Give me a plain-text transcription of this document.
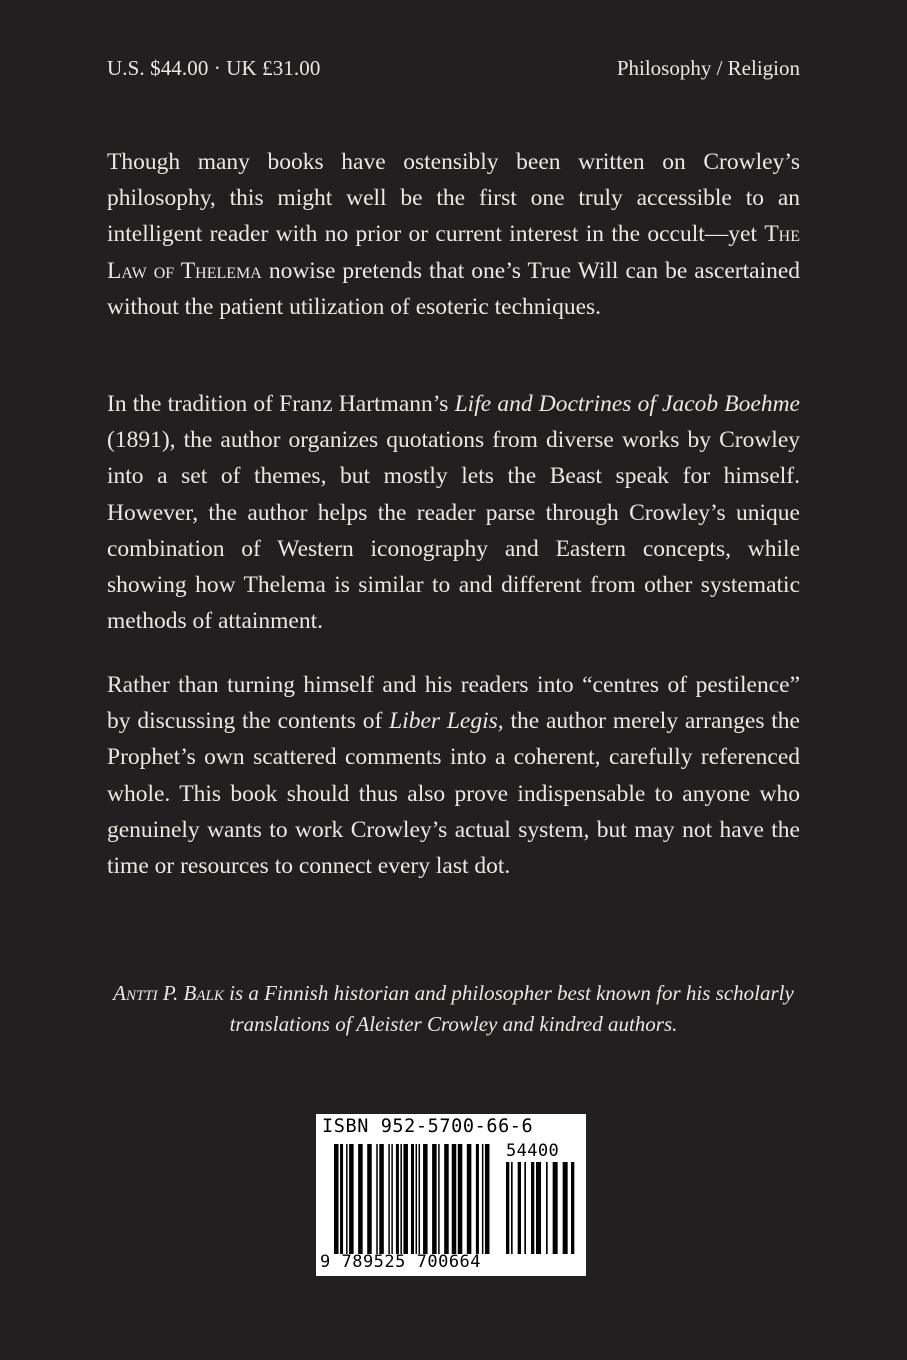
U.S. $44.00 · UK £31.00	Philosophy / Religion

Though many books have ostensibly been written on Crowley’s philosophy, this might well be the first one truly accessible to an intelligent reader with no prior or current interest in the occult—yet The Law of Thelema nowise pretends that one’s True Will can be ascertained without the patient utilization of esoteric techniques.

In the tradition of Franz Hartmann’s Life and Doctrines of Jacob Boehme (1891), the author organizes quotations from diverse works by Crowley into a set of themes, but mostly lets the Beast speak for himself. However, the author helps the reader parse through Crowley’s unique combination of Western iconography and Eastern concepts, while showing how Thelema is similar to and different from other systematic methods of attainment.

Rather than turning himself and his readers into “centres of pestilence” by discussing the contents of Liber Legis, the author merely arranges the Prophet’s own scattered comments into a coherent, carefully referenced whole. This book should thus also prove indispensable to anyone who genuinely wants to work Crowley’s actual system, but may not have the time or resources to connect every last dot.

Antti P. Balk is a Finnish historian and philosopher best known for his scholarly translations of Aleister Crowley and kindred authors.

ISBN 952-5700-66-6
54400
9 789525 700664
